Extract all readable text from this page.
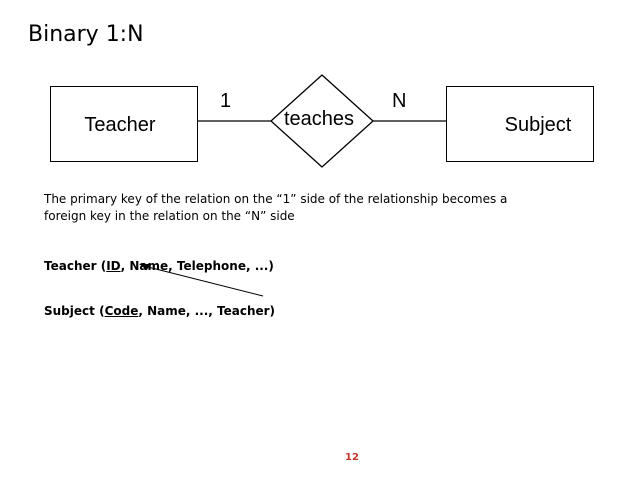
Binary 1:N
Teacher	Subject
teaches
1	N
The primary key of the relation on the “1” side of the relationship becomes a
foreign key in the relation on the “N” side
Teacher (ID, Name, Telephone, ...)
Subject (Code, Name, ..., Teacher)
12
